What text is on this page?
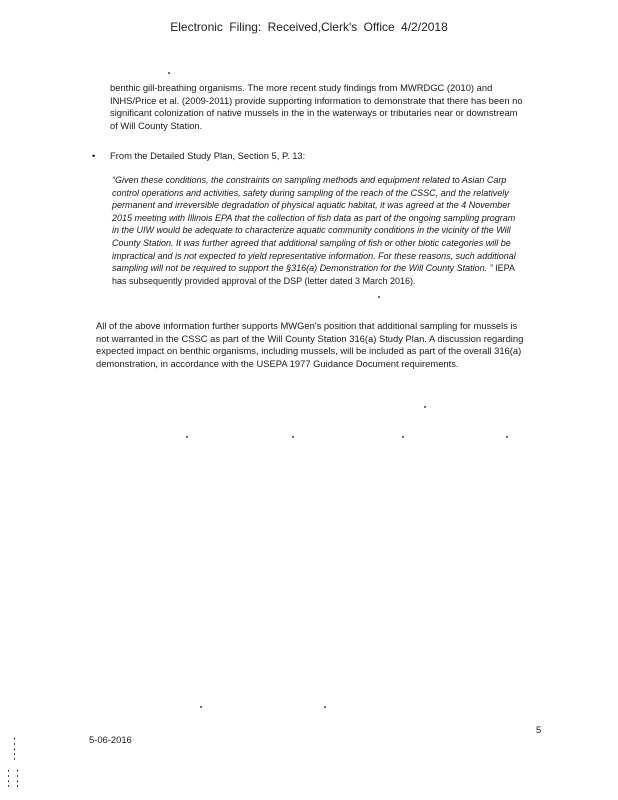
Electronic Filing: Received,Clerk's Office 4/2/2018
benthic gill-breathing organisms. The more recent study findings from MWRDGC (2010) and INHS/Price et al. (2009-2011) provide supporting information to demonstrate that there has been no significant colonization of native mussels in the in the waterways or tributaries near or downstream of Will County Station.
• From the Detailed Study Plan, Section 5, P. 13:
“Given these conditions, the constraints on sampling methods and equipment related to Asian Carp control operations and activities, safety during sampling of the reach of the CSSC, and the relatively permanent and irreversible degradation of physical aquatic habitat, it was agreed at the 4 November 2015 meeting with Illinois EPA that the collection of fish data as part of the ongoing sampling program in the UIW would be adequate to characterize aquatic community conditions in the vicinity of the Will County Station. It was further agreed that additional sampling of fish or other biotic categories will be impractical and is not expected to yield representative information. For these reasons, such additional sampling will not be required to support the §316(a) Demonstration for the Will County Station. ” IEPA has subsequently provided approval of the DSP (letter dated 3 March 2016).
All of the above information further supports MWGen's position that additional sampling for mussels is not warranted in the CSSC as part of the Will County Station 316(a) Study Plan. A discussion regarding expected impact on benthic organisms, including mussels, will be included as part of the overall 316(a) demonstration, in accordance with the USEPA 1977 Guidance Document requirements.
5-06-2016
5
